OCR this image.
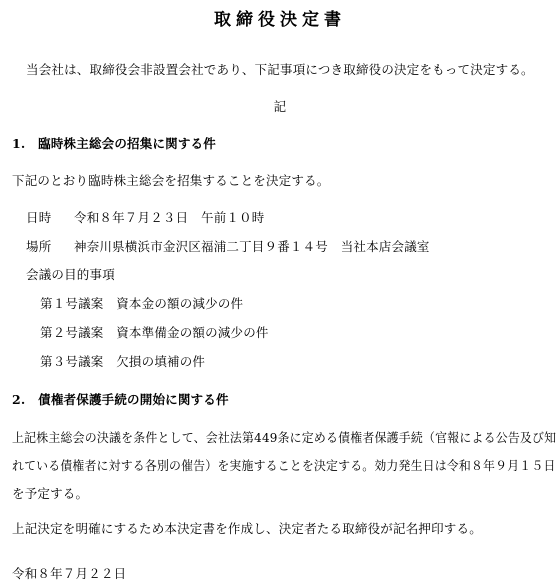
取締役決定書
当会社は、取締役会非設置会社であり、下記事項につき取締役の決定をもって決定する。
記
1.　臨時株主総会の招集に関する件
下記のとおり臨時株主総会を招集することを決定する。
日時 令和８年７月２３日　午前１０時
場所 神奈川県横浜市金沢区福浦二丁目９番１４号　当社本店会議室
会議の目的事項
第１号議案　 資本金の額の減少の件
第２号議案　 資本準備金の額の減少の件
第３号議案　 欠損の填補の件
2.　債権者保護手続の開始に関する件
上記株主総会の決議を条件として、会社法第449条に定める債権者保護手続（官報による公告及び知
れている債権者に対する各別の催告）を実施することを決定する。効力発生日は令和８年９月１５日
を予定する。
上記決定を明確にするため本決定書を作成し、決定者たる取締役が記名押印する。
令和８年７月２２日
